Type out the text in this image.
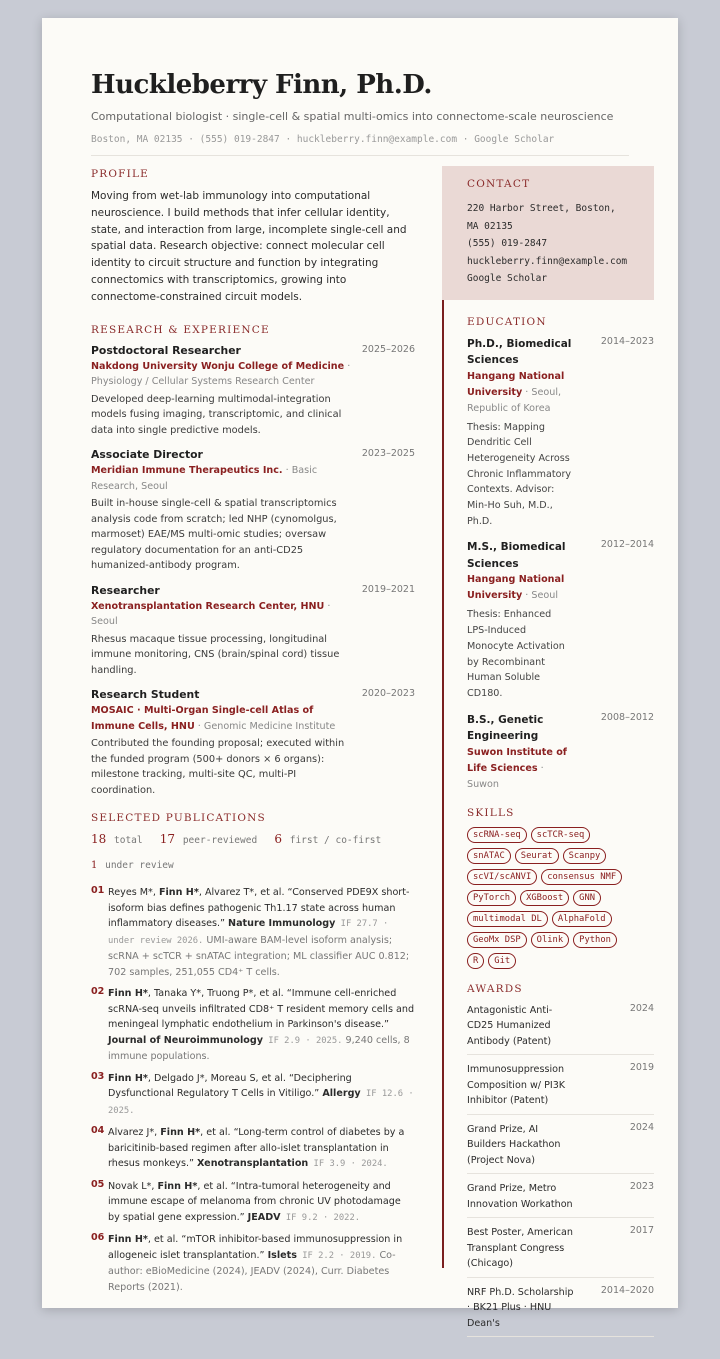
Huckleberry Finn, Ph.D.
Computational biologist · single-cell & spatial multi-omics into connectome-scale neuroscience
Boston, MA 02135 · (555) 019-2847 · huckleberry.finn@example.com · Google Scholar
PROFILE
Moving from wet-lab immunology into computational neuroscience. I build methods that infer cellular identity, state, and interaction from large, incomplete single-cell and spatial data. Research objective: connect molecular cell identity to circuit structure and function by integrating connectomics with transcriptomics, growing into connectome-constrained circuit models.
RESEARCH & EXPERIENCE
Postdoctoral Researcher	2025–2026
Nakdong University Wonju College of Medicine · Physiology / Cellular Systems Research Center
Developed deep-learning multimodal-integration models fusing imaging, transcriptomic, and clinical data into single predictive models.
Associate Director	2023–2025
Meridian Immune Therapeutics Inc. · Basic Research, Seoul
Built in-house single-cell & spatial transcriptomics analysis code from scratch; led NHP (cynomolgus, marmoset) EAE/MS multi-omic studies; oversaw regulatory documentation for an anti-CD25 humanized-antibody program.
Researcher	2019–2021
Xenotransplantation Research Center, HNU · Seoul
Rhesus macaque tissue processing, longitudinal immune monitoring, CNS (brain/spinal cord) tissue handling.
Research Student	2020–2023
MOSAIC · Multi-Organ Single-cell Atlas of Immune Cells, HNU · Genomic Medicine Institute
Contributed the founding proposal; executed within the funded program (500+ donors × 6 organs): milestone tracking, multi-site QC, multi-PI coordination.
SELECTED PUBLICATIONS
18 total 17 peer-reviewed 6 first / co-first
1 under review
01 Reyes M*, Finn H*, Alvarez T*, et al. “Conserved PDE9X short-isoform bias defines pathogenic Th1.17 state across human inflammatory diseases.” Nature Immunology IF 27.7 · under review 2026. UMI-aware BAM-level isoform analysis; scRNA + scTCR + snATAC integration; ML classifier AUC 0.812; 702 samples, 251,055 CD4⁺ T cells.
02 Finn H*, Tanaka Y*, Truong P*, et al. “Immune cell-enriched scRNA-seq unveils infiltrated CD8⁺ T resident memory cells and meningeal lymphatic endothelium in Parkinson's disease.” Journal of Neuroimmunology IF 2.9 · 2025. 9,240 cells, 8 immune populations.
03 Finn H*, Delgado J*, Moreau S, et al. “Deciphering Dysfunctional Regulatory T Cells in Vitiligo.” Allergy IF 12.6 · 2025.
04 Alvarez J*, Finn H*, et al. “Long-term control of diabetes by a baricitinib-based regimen after allo-islet transplantation in rhesus monkeys.” Xenotransplantation IF 3.9 · 2024.
05 Novak L*, Finn H*, et al. “Intra-tumoral heterogeneity and immune escape of melanoma from chronic UV photodamage by spatial gene expression.” JEADV IF 9.2 · 2022.
06 Finn H*, et al. “mTOR inhibitor-based immunosuppression in allogeneic islet transplantation.” Islets IF 2.2 · 2019. Co-author: eBioMedicine (2024), JEADV (2024), Curr. Diabetes Reports (2021).
CONTACT
220 Harbor Street, Boston, MA 02135
(555) 019-2847
huckleberry.finn@example.com
Google Scholar
EDUCATION
Ph.D., Biomedical Sciences
Hangang National University · Seoul, Republic of Korea
Thesis: Mapping Dendritic Cell Heterogeneity Across Chronic Inflammatory Contexts. Advisor: Min-Ho Suh, M.D., Ph.D.
2014–2023
M.S., Biomedical Sciences
Hangang National University · Seoul
Thesis: Enhanced LPS-Induced Monocyte Activation by Recombinant Human Soluble CD180.
2012–2014
B.S., Genetic Engineering
Suwon Institute of Life Sciences · Suwon
2008–2012
SKILLS
scRNA-seq	scTCR-seq
snATAC	Seurat	Scanpy
scVI/scANVI	consensus NMF
PyTorch	XGBoost	GNN
multimodal DL	AlphaFold
GeoMx DSP	Olink	Python
R	Git
AWARDS
Antagonistic Anti-CD25 Humanized Antibody (Patent)
2024
Immunosuppression Composition w/ PI3K Inhibitor (Patent)
2019
Grand Prize, AI Builders Hackathon (Project Nova)
2024
Grand Prize, Metro Innovation Workathon
2023
Best Poster, American Transplant Congress (Chicago)
2017
NRF Ph.D. Scholarship · BK21 Plus · HNU Dean's
2014–2020
